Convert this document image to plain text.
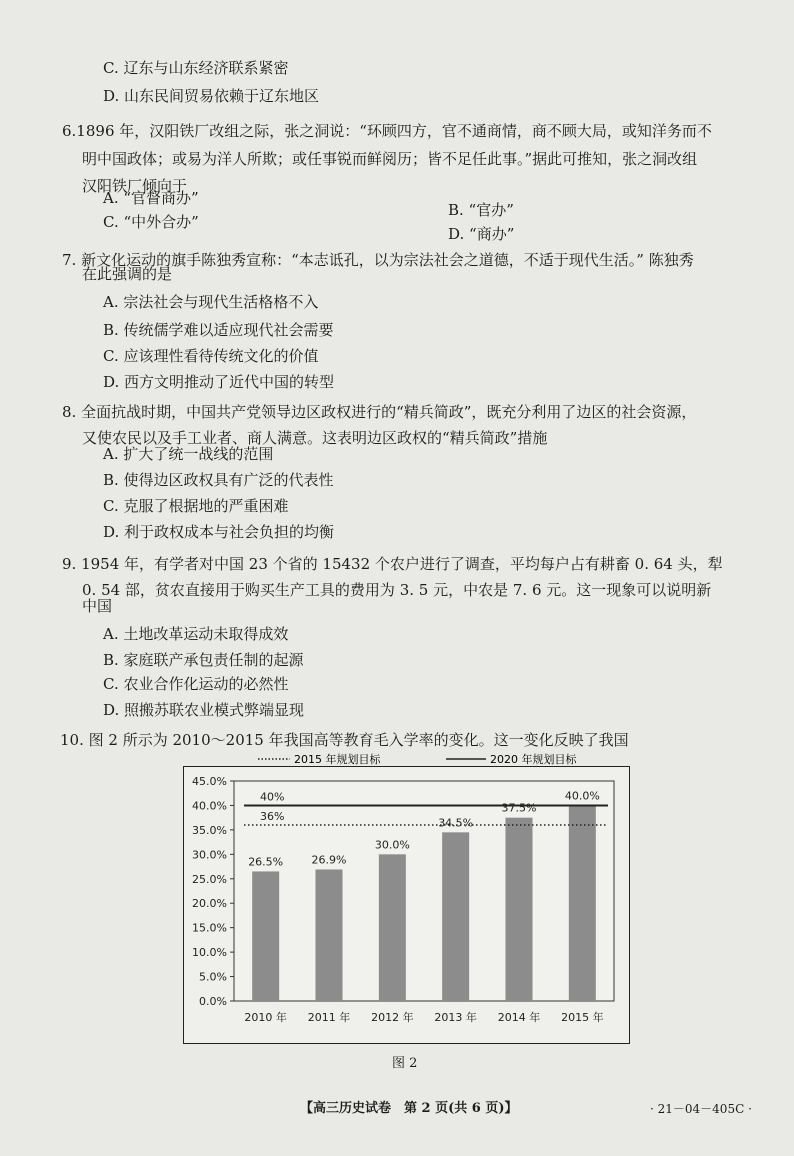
C. 辽东与山东经济联系紧密
D. 山东民间贸易依赖于辽东地区
6.1896 年，汉阳铁厂改组之际，张之洞说：“环顾四方，官不通商情，商不顾大局，或知洋务而不
明中国政体；或易为洋人所欺；或任事锐而鲜阅历；皆不足任此事。”据此可推知，张之洞改组
汉阳铁厂倾向于
A. “官督商办”
B. “官办”
C. “中外合办”
D. “商办”
7. 新文化运动的旗手陈独秀宣称：“本志诋孔，以为宗法社会之道德，不适于现代生活。” 陈独秀
在此强调的是
A. 宗法社会与现代生活格格不入
B. 传统儒学难以适应现代社会需要
C. 应该理性看待传统文化的价值
D. 西方文明推动了近代中国的转型
8. 全面抗战时期，中国共产党领导边区政权进行的“精兵简政”，既充分利用了边区的社会资源，
又使农民以及手工业者、商人满意。这表明边区政权的“精兵简政”措施
A. 扩大了统一战线的范围
B. 使得边区政权具有广泛的代表性
C. 克服了根据地的严重困难
D. 利于政权成本与社会负担的均衡
9. 1954 年，有学者对中国 23 个省的 15432 个农户进行了调查，平均每户占有耕畜 0. 64 头，犁
0. 54 部，贫农直接用于购买生产工具的费用为 3. 5 元，中农是 7. 6 元。这一现象可以说明新
中国
A. 土地改革运动未取得成效
B. 家庭联产承包责任制的起源
C. 农业合作化运动的必然性
D. 照搬苏联农业模式弊端显现
10. 图 2 所示为 2010～2015 年我国高等教育毛入学率的变化。这一变化反映了我国
2015 年规划目标	2020 年规划目标
0.0%
5.0%
10.0%
15.0%
20.0%
25.0%
30.0%
35.0%
40.0%
45.0%
26.5%
2010 年
26.9%
2011 年
30.0%
2012 年
34.5%
2013 年
37.5%
2014 年
40.0%
2015 年
36%
40%
图 2
【高三历史试卷　第 2 页(共 6 页)】	· 21－04－405C ·
